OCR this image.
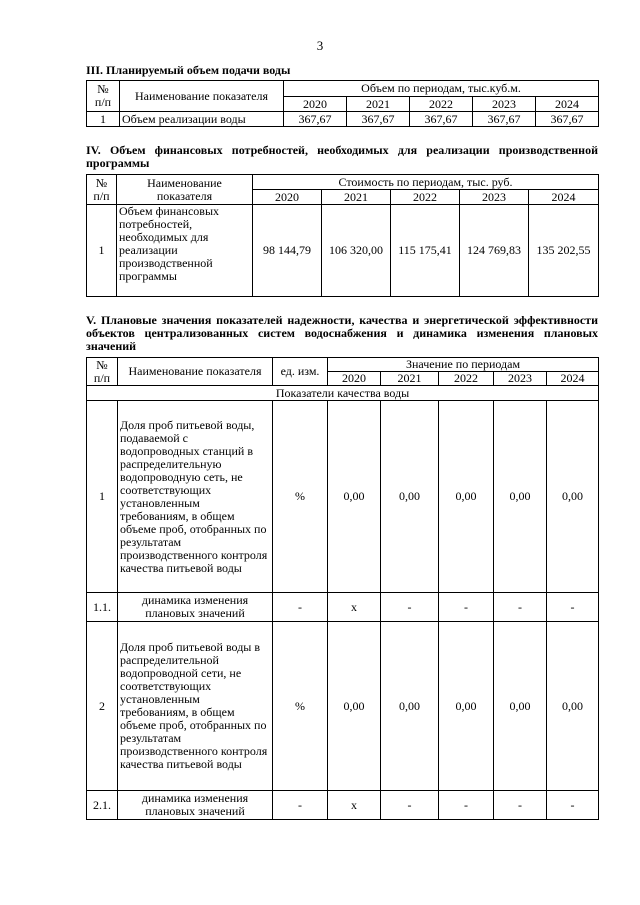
3
III. Планируемый объем подачи воды
№
п/п	Наименование показателя	Объем по периодам, тыс.куб.м.				
		2020	2021	2022	2023	2024
1	Объем реализации воды	367,67	367,67	367,67	367,67	367,67
IV. Объем финансовых потребностей, необходимых для реализации производственной программы
№
п/п	Наименование
показателя	Стоимость по периодам, тыс. руб.				
		2020	2021	2022	2023	2024
1	Объем финансовых потребностей, необходимых для реализации производственной программы	98 144,79	106 320,00	115 175,41	124 769,83	135 202,55
V. Плановые значения показателей надежности, качества и энергетической эффективности объектов централизованных систем водоснабжения и динамика изменения плановых значений
№
п/п	Наименование показателя	ед. изм.	Значение по периодам				
			2020	2021	2022	2023	2024
Показатели качества воды							
1	Доля проб питьевой воды, подаваемой с водопроводных станций в распределительную водопроводную сеть, не соответствующих установленным требованиям, в общем объеме проб, отобранных по результатам производственного контроля качества питьевой воды	%	0,00	0,00	0,00	0,00	0,00
1.1.	динамика изменения плановых значений	-	x	-	-	-	-
2	Доля проб питьевой воды в распределительной водопроводной сети, не соответствующих установленным требованиям, в общем объеме проб, отобранных по результатам производственного контроля качества питьевой воды	%	0,00	0,00	0,00	0,00	0,00
2.1.	динамика изменения плановых значений	-	x	-	-	-	-
